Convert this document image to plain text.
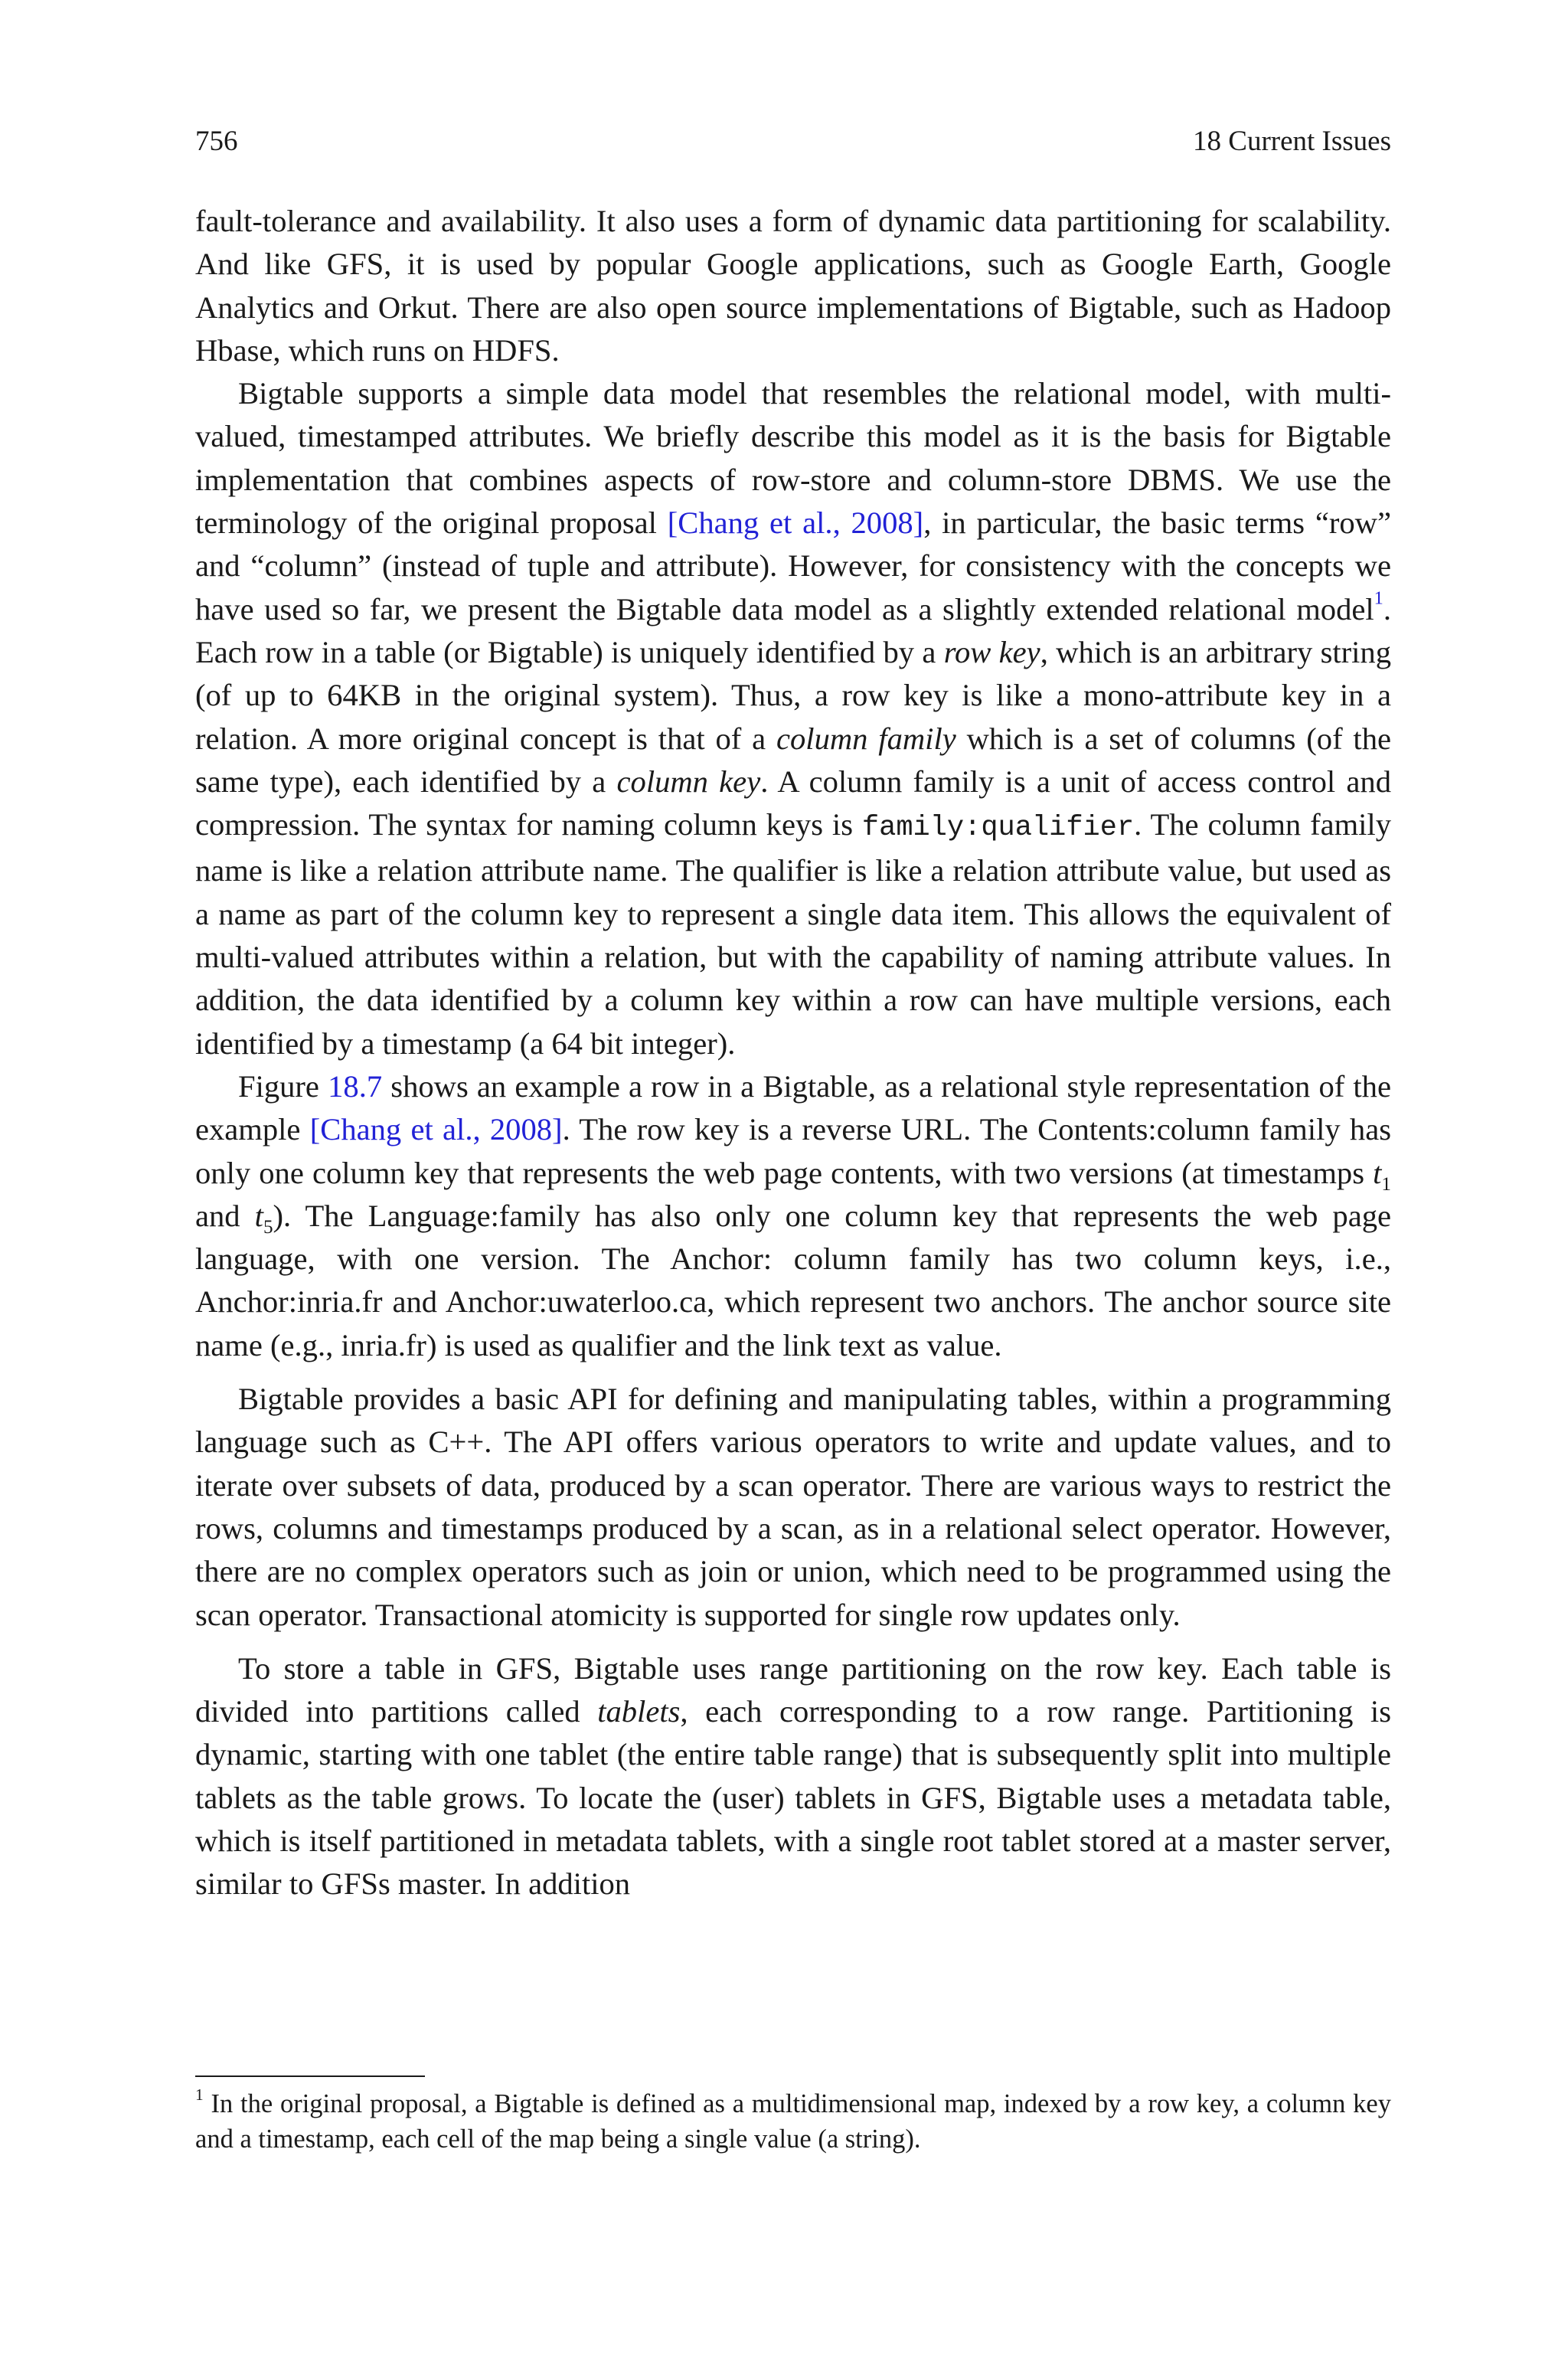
756	18 Current Issues

fault-tolerance and availability. It also uses a form of dynamic data partitioning for scalability. And like GFS, it is used by popular Google applications, such as Google Earth, Google Analytics and Orkut. There are also open source implementations of Bigtable, such as Hadoop Hbase, which runs on HDFS.

Bigtable supports a simple data model that resembles the relational model, with multi-valued, timestamped attributes. We briefly describe this model as it is the basis for Bigtable implementation that combines aspects of row-store and column-store DBMS. We use the terminology of the original proposal [Chang et al., 2008], in particular, the basic terms “row” and “column” (instead of tuple and attribute). However, for consistency with the concepts we have used so far, we present the Bigtable data model as a slightly extended relational model$^1$. Each row in a table (or Bigtable) is uniquely identified by a row key, which is an arbitrary string (of up to 64KB in the original system). Thus, a row key is like a mono-attribute key in a relation. A more original concept is that of a column family which is a set of columns (of the same type), each identified by a column key. A column family is a unit of access control and compression. The syntax for naming column keys is family:qualifier. The column family name is like a relation attribute name. The qualifier is like a relation attribute value, but used as a name as part of the column key to represent a single data item. This allows the equivalent of multi-valued attributes within a relation, but with the capability of naming attribute values. In addition, the data identified by a column key within a row can have multiple versions, each identified by a timestamp (a 64 bit integer).

Figure 18.7 shows an example a row in a Bigtable, as a relational style representation of the example [Chang et al., 2008]. The row key is a reverse URL. The Contents:column family has only one column key that represents the web page contents, with two versions (at timestamps $t_1$ and $t_5$). The Language:family has also only one column key that represents the web page language, with one version. The Anchor: column family has two column keys, i.e., Anchor:inria.fr and Anchor:uwaterloo.ca, which represent two anchors. The anchor source site name (e.g., inria.fr) is used as qualifier and the link text as value.

Bigtable provides a basic API for defining and manipulating tables, within a programming language such as C++. The API offers various operators to write and update values, and to iterate over subsets of data, produced by a scan operator. There are various ways to restrict the rows, columns and timestamps produced by a scan, as in a relational select operator. However, there are no complex operators such as join or union, which need to be programmed using the scan operator. Transactional atomicity is supported for single row updates only.

To store a table in GFS, Bigtable uses range partitioning on the row key. Each table is divided into partitions called tablets, each corresponding to a row range. Partitioning is dynamic, starting with one tablet (the entire table range) that is subsequently split into multiple tablets as the table grows. To locate the (user) tablets in GFS, Bigtable uses a metadata table, which is itself partitioned in metadata tablets, with a single root tablet stored at a master server, similar to GFSs master. In addition

$^1$ In the original proposal, a Bigtable is defined as a multidimensional map, indexed by a row key, a column key and a timestamp, each cell of the map being a single value (a string).
